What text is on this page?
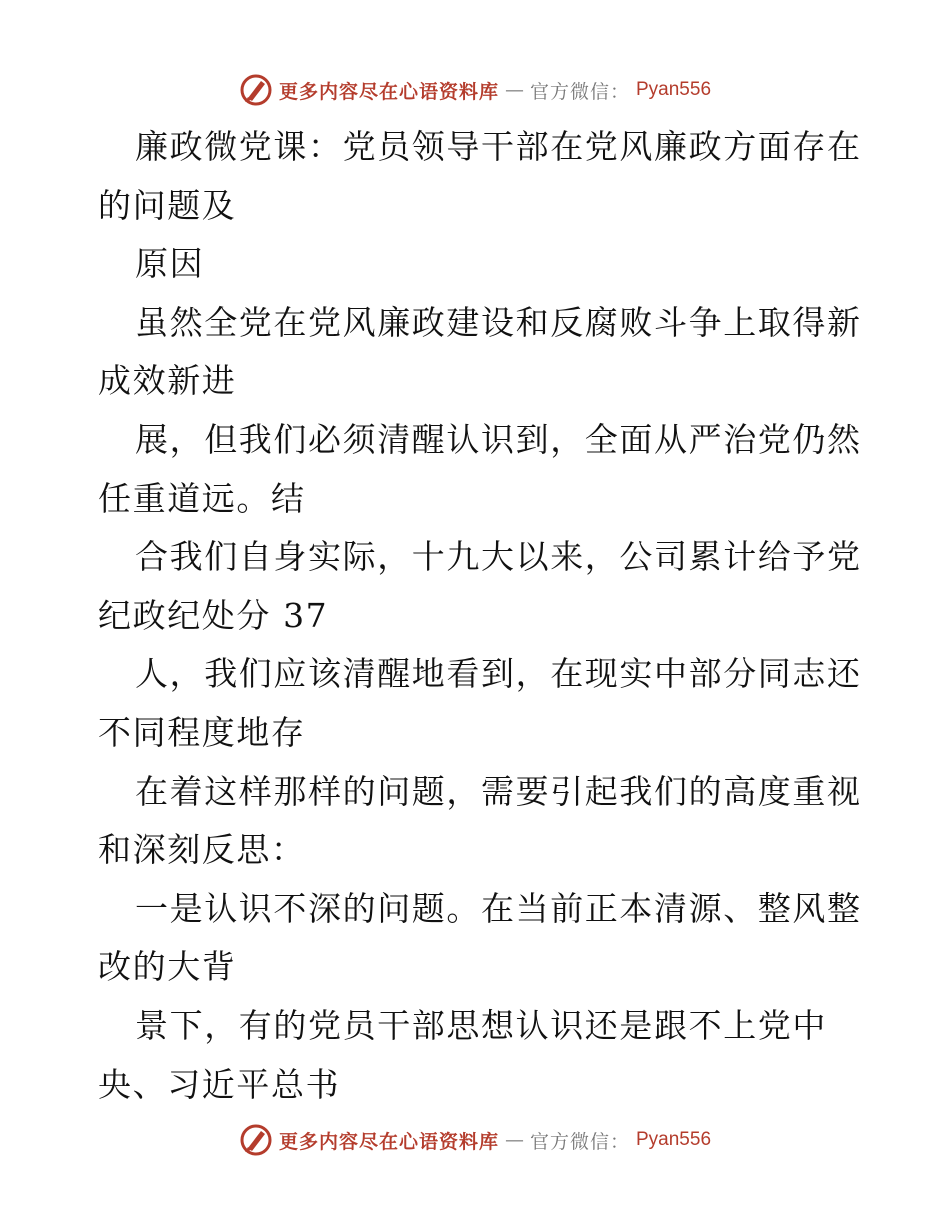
更多内容尽在心语资料库 — 官方微信： Pyan556

廉政微党课：党员领导干部在党风廉政方面存在

的问题及

原因

虽然全党在党风廉政建设和反腐败斗争上取得新

成效新进

展，但我们必须清醒认识到，全面从严治党仍然

任重道远。结

合我们自身实际，十九大以来，公司累计给予党

纪政纪处分 37

人，我们应该清醒地看到，在现实中部分同志还

不同程度地存

在着这样那样的问题，需要引起我们的高度重视

和深刻反思：

一是认识不深的问题。在当前正本清源、整风整

改的大背

景下，有的党员干部思想认识还是跟不上党中

央、习近平总书

更多内容尽在心语资料库 — 官方微信： Pyan556
